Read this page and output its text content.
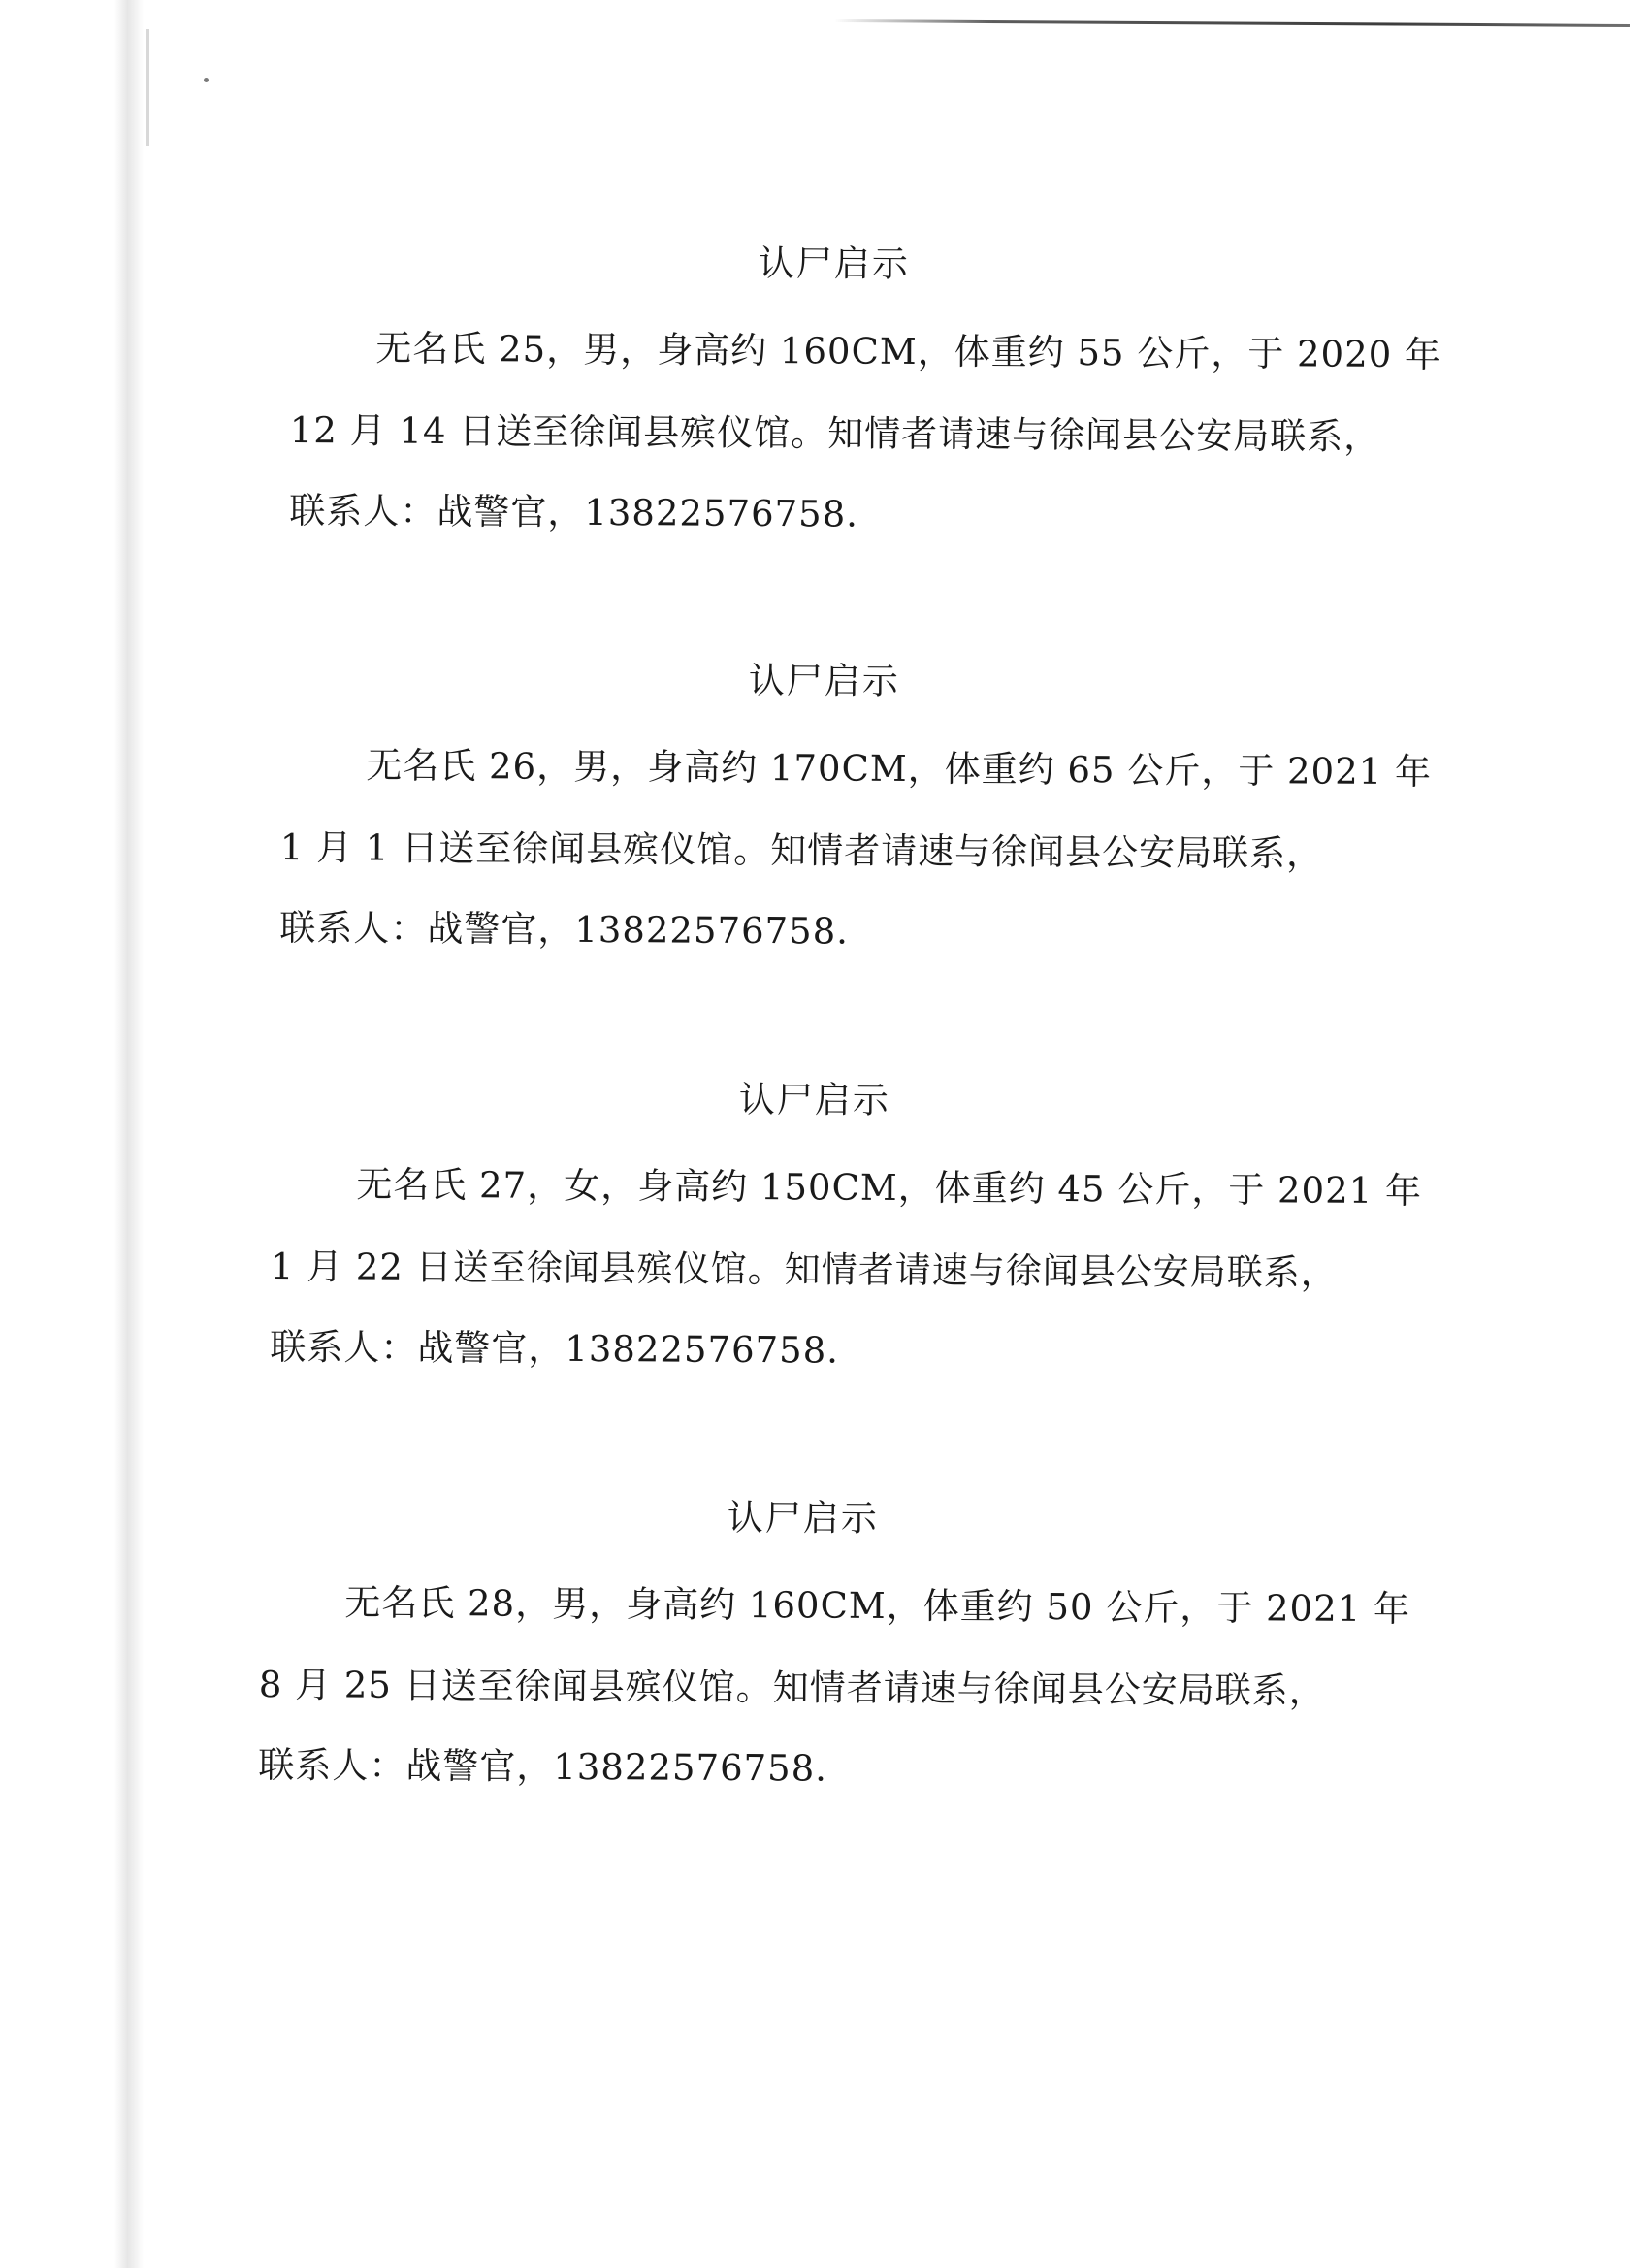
认尸启示
无名氏 25，男，身高约 160CM，体重约 55 公斤，于 2020 年
12 月 14 日送至徐闻县殡仪馆。知情者请速与徐闻县公安局联系，
联系人：战警官，13822576758.
认尸启示
无名氏 26，男，身高约 170CM，体重约 65 公斤，于 2021 年
1 月 1 日送至徐闻县殡仪馆。知情者请速与徐闻县公安局联系，
联系人：战警官，13822576758.
认尸启示
无名氏 27，女，身高约 150CM，体重约 45 公斤，于 2021 年
1 月 22 日送至徐闻县殡仪馆。知情者请速与徐闻县公安局联系，
联系人：战警官，13822576758.
认尸启示
无名氏 28，男，身高约 160CM，体重约 50 公斤，于 2021 年
8 月 25 日送至徐闻县殡仪馆。知情者请速与徐闻县公安局联系，
联系人：战警官，13822576758.
